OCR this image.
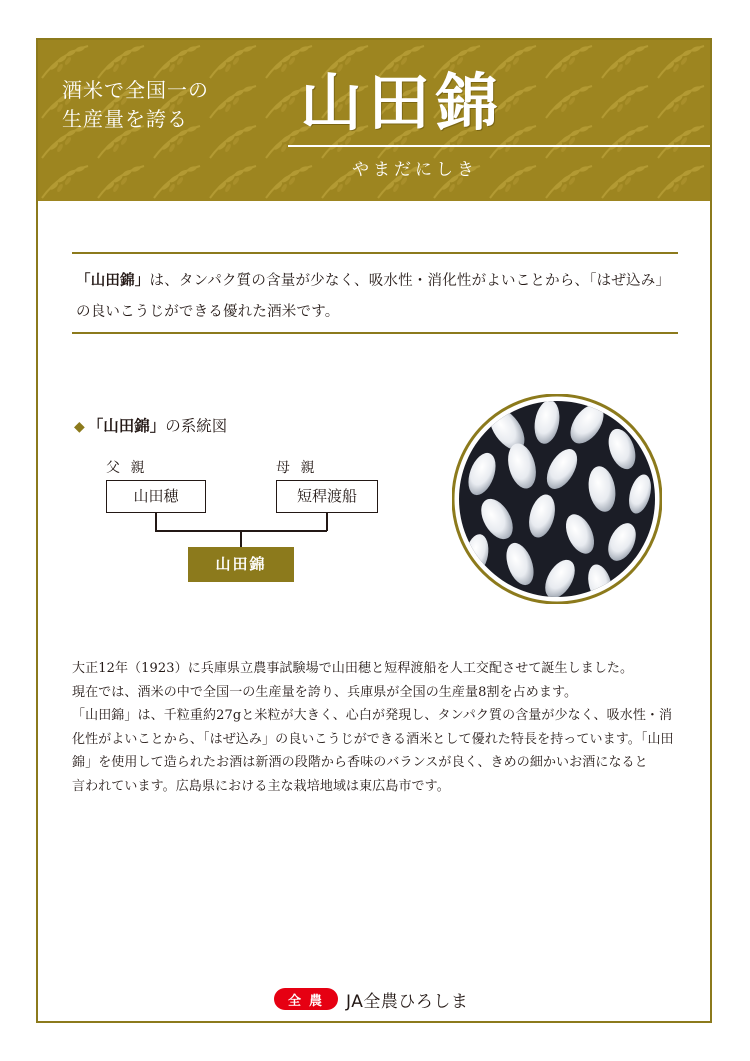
酒米で全国一の
生産量を誇る	山田錦
やまだにしき

「山田錦」は、タンパク質の含量が少なく、吸水性・消化性がよいことから、「はぜ込み」の良いこうじができる優れた酒米です。

◆ 「山田錦」の系統図
父 親	母 親
山田穂	短稈渡船
山田錦
大正12年（1923）に兵庫県立農事試験場で山田穂と短稈渡船を人工交配させて誕生しました。
現在では、酒米の中で全国一の生産量を誇り、兵庫県が全国の生産量8割を占めます。
「山田錦」は、千粒重約27gと米粒が大きく、心白が発現し、タンパク質の含量が少なく、吸水性・消
化性がよいことから、「はぜ込み」の良いこうじができる酒米として優れた特長を持っています。「山田
錦」を使用して造られたお酒は新酒の段階から香味のバランスが良く、きめの細かいお酒になると
言われています。広島県における主な栽培地域は東広島市です。
全農 JA全農ひろしま
